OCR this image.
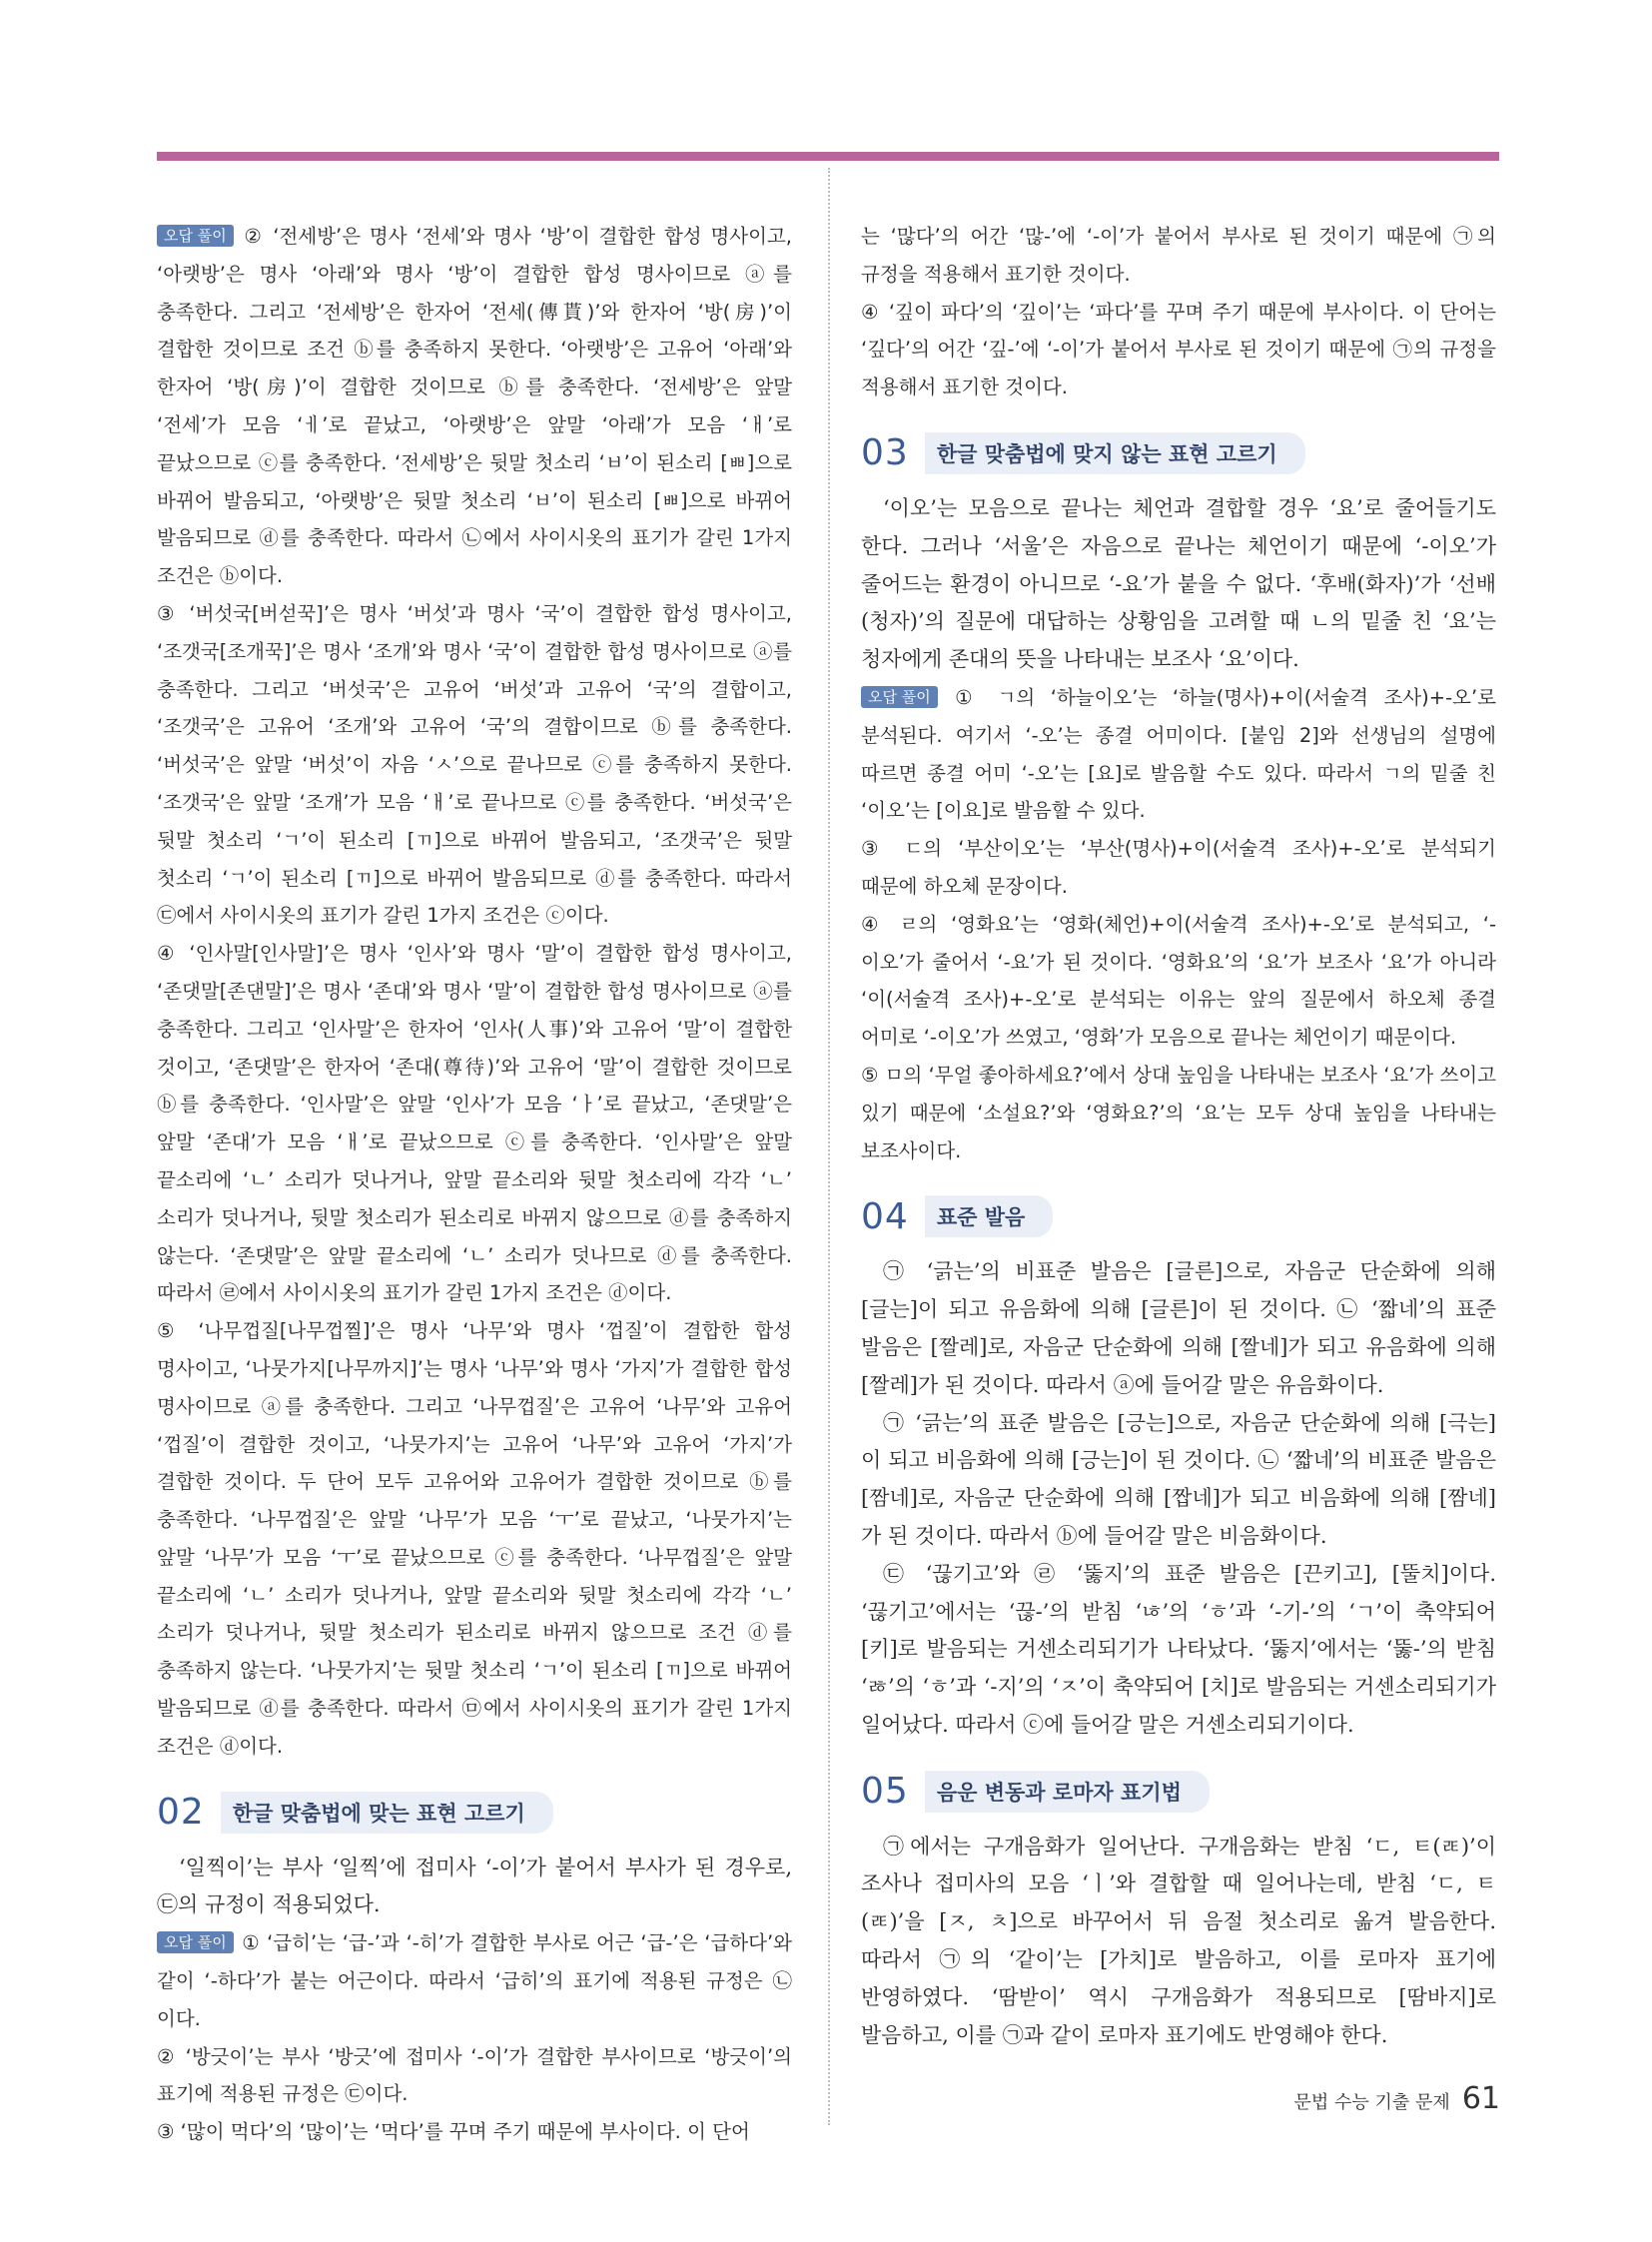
오답 풀이 ② ‘전세방’은 명사 ‘전세’와 명사 ‘방’이 결합한 합성 명사이고, ‘아랫방’은 명사 ‘아래’와 명사 ‘방’이 결합한 합성 명사이므로 ⓐ를 충족한다. 그리고 ‘전세방’은 한자어 ‘전세(傳貰)’와 한자어 ‘방(房)’이 결합한 것이므로 조건 ⓑ를 충족하지 못한다. ‘아랫방’은 고유어 ‘아래’와 한자어 ‘방(房)’이 결합한 것이므로 ⓑ를 충족한다. ‘전세방’은 앞말 ‘전세’가 모음 ‘ㅔ’로 끝났고, ‘아랫방’은 앞말 ‘아래’가 모음 ‘ㅐ’로 끝났으므로 ⓒ를 충족한다. ‘전세방’은 뒷말 첫소리 ‘ㅂ’이 된소리 [ㅃ]으로 바뀌어 발음되고, ‘아랫방’은 뒷말 첫소리 ‘ㅂ’이 된소리 [ㅃ]으로 바뀌어 발음되므로 ⓓ를 충족한다. 따라서 ㉡에서 사이시옷의 표기가 갈린 1가지 조건은 ⓑ이다.

③ ‘버섯국[버섣꾹]’은 명사 ‘버섯’과 명사 ‘국’이 결합한 합성 명사이고, ‘조갯국[조개꾹]’은 명사 ‘조개’와 명사 ‘국’이 결합한 합성 명사이므로 ⓐ를 충족한다. 그리고 ‘버섯국’은 고유어 ‘버섯’과 고유어 ‘국’의 결합이고, ‘조갯국’은 고유어 ‘조개’와 고유어 ‘국’의 결합이므로 ⓑ를 충족한다. ‘버섯국’은 앞말 ‘버섯’이 자음 ‘ㅅ’으로 끝나므로 ⓒ를 충족하지 못한다. ‘조갯국’은 앞말 ‘조개’가 모음 ‘ㅐ’로 끝나므로 ⓒ를 충족한다. ‘버섯국’은 뒷말 첫소리 ‘ㄱ’이 된소리 [ㄲ]으로 바뀌어 발음되고, ‘조갯국’은 뒷말 첫소리 ‘ㄱ’이 된소리 [ㄲ]으로 바뀌어 발음되므로 ⓓ를 충족한다. 따라서 ㉢에서 사이시옷의 표기가 갈린 1가지 조건은 ⓒ이다.

④ ‘인사말[인사말]’은 명사 ‘인사’와 명사 ‘말’이 결합한 합성 명사이고, ‘존댓말[존댄말]’은 명사 ‘존대’와 명사 ‘말’이 결합한 합성 명사이므로 ⓐ를 충족한다. 그리고 ‘인사말’은 한자어 ‘인사(人事)’와 고유어 ‘말’이 결합한 것이고, ‘존댓말’은 한자어 ‘존대(尊待)’와 고유어 ‘말’이 결합한 것이므로 ⓑ를 충족한다. ‘인사말’은 앞말 ‘인사’가 모음 ‘ㅏ’로 끝났고, ‘존댓말’은 앞말 ‘존대’가 모음 ‘ㅐ’로 끝났으므로 ⓒ를 충족한다. ‘인사말’은 앞말 끝소리에 ‘ㄴ’ 소리가 덧나거나, 앞말 끝소리와 뒷말 첫소리에 각각 ‘ㄴ’ 소리가 덧나거나, 뒷말 첫소리가 된소리로 바뀌지 않으므로 ⓓ를 충족하지 않는다. ‘존댓말’은 앞말 끝소리에 ‘ㄴ’ 소리가 덧나므로 ⓓ를 충족한다. 따라서 ㉣에서 사이시옷의 표기가 갈린 1가지 조건은 ⓓ이다.

⑤ ‘나무껍질[나무껍찔]’은 명사 ‘나무’와 명사 ‘껍질’이 결합한 합성 명사이고, ‘나뭇가지[나무까지]’는 명사 ‘나무’와 명사 ‘가지’가 결합한 합성 명사이므로 ⓐ를 충족한다. 그리고 ‘나무껍질’은 고유어 ‘나무’와 고유어 ‘껍질’이 결합한 것이고, ‘나뭇가지’는 고유어 ‘나무’와 고유어 ‘가지’가 결합한 것이다. 두 단어 모두 고유어와 고유어가 결합한 것이므로 ⓑ를 충족한다. ‘나무껍질’은 앞말 ‘나무’가 모음 ‘ㅜ’로 끝났고, ‘나뭇가지’는 앞말 ‘나무’가 모음 ‘ㅜ’로 끝났으므로 ⓒ를 충족한다. ‘나무껍질’은 앞말 끝소리에 ‘ㄴ’ 소리가 덧나거나, 앞말 끝소리와 뒷말 첫소리에 각각 ‘ㄴ’ 소리가 덧나거나, 뒷말 첫소리가 된소리로 바뀌지 않으므로 조건 ⓓ를 충족하지 않는다. ‘나뭇가지’는 뒷말 첫소리 ‘ㄱ’이 된소리 [ㄲ]으로 바뀌어 발음되므로 ⓓ를 충족한다. 따라서 ㉤에서 사이시옷의 표기가 갈린 1가지 조건은 ⓓ이다.

02	한글 맞춤법에 맞는 표현 고르기

‘일찍이’는 부사 ‘일찍’에 접미사 ‘-이’가 붙어서 부사가 된 경우로, ㉢의 규정이 적용되었다.

오답 풀이 ① ‘급히’는 ‘급-’과 ‘-히’가 결합한 부사로 어근 ‘급-’은 ‘급하다’와 같이 ‘-하다’가 붙는 어근이다. 따라서 ‘급히’의 표기에 적용된 규정은 ㉡이다.

② ‘방긋이’는 부사 ‘방긋’에 접미사 ‘-이’가 결합한 부사이므로 ‘방긋이’의 표기에 적용된 규정은 ㉢이다.

③ ‘많이 먹다’의 ‘많이’는 ‘먹다’를 꾸며 주기 때문에 부사이다. 이 단어

는 ‘많다’의 어간 ‘많-’에 ‘-이’가 붙어서 부사로 된 것이기 때문에 ㉠의 규정을 적용해서 표기한 것이다.

④ ‘깊이 파다’의 ‘깊이’는 ‘파다’를 꾸며 주기 때문에 부사이다. 이 단어는 ‘깊다’의 어간 ‘깊-’에 ‘-이’가 붙어서 부사로 된 것이기 때문에 ㉠의 규정을 적용해서 표기한 것이다.

03	한글 맞춤법에 맞지 않는 표현 고르기

‘이오’는 모음으로 끝나는 체언과 결합할 경우 ‘요’로 줄어들기도 한다. 그러나 ‘서울’은 자음으로 끝나는 체언이기 때문에 ‘-이오’가 줄어드는 환경이 아니므로 ‘-요’가 붙을 수 없다. ‘후배(화자)’가 ‘선배(청자)’의 질문에 대답하는 상황임을 고려할 때 ㄴ의 밑줄 친 ‘요’는 청자에게 존대의 뜻을 나타내는 보조사 ‘요’이다.

오답 풀이 ① ㄱ의 ‘하늘이오’는 ‘하늘(명사)+이(서술격 조사)+-오’로 분석된다. 여기서 ‘-오’는 종결 어미이다. [붙임 2]와 선생님의 설명에 따르면 종결 어미 ‘-오’는 [요]로 발음할 수도 있다. 따라서 ㄱ의 밑줄 친 ‘이오’는 [이요]로 발음할 수 있다.

③ ㄷ의 ‘부산이오’는 ‘부산(명사)+이(서술격 조사)+-오’로 분석되기 때문에 하오체 문장이다.

④ ㄹ의 ‘영화요’는 ‘영화(체언)+이(서술격 조사)+-오’로 분석되고, ‘-이오’가 줄어서 ‘-요’가 된 것이다. ‘영화요’의 ‘요’가 보조사 ‘요’가 아니라 ‘이(서술격 조사)+-오’로 분석되는 이유는 앞의 질문에서 하오체 종결 어미로 ‘-이오’가 쓰였고, ‘영화’가 모음으로 끝나는 체언이기 때문이다.

⑤ ㅁ의 ‘무얼 좋아하세요?’에서 상대 높임을 나타내는 보조사 ‘요’가 쓰이고 있기 때문에 ‘소설요?’와 ‘영화요?’의 ‘요’는 모두 상대 높임을 나타내는 보조사이다.

04	표준 발음

㉠ ‘긁는’의 비표준 발음은 [글른]으로, 자음군 단순화에 의해 [글는]이 되고 유음화에 의해 [글른]이 된 것이다. ㉡ ‘짧네’의 표준 발음은 [짤레]로, 자음군 단순화에 의해 [짤네]가 되고 유음화에 의해 [짤레]가 된 것이다. 따라서 ⓐ에 들어갈 말은 유음화이다.

㉠ ‘긁는’의 표준 발음은 [긍는]으로, 자음군 단순화에 의해 [극는]이 되고 비음화에 의해 [긍는]이 된 것이다. ㉡ ‘짧네’의 비표준 발음은 [짬네]로, 자음군 단순화에 의해 [짭네]가 되고 비음화에 의해 [짬네]가 된 것이다. 따라서 ⓑ에 들어갈 말은 비음화이다.

㉢ ‘끊기고’와 ㉣ ‘뚫지’의 표준 발음은 [끈키고], [뚤치]이다. ‘끊기고’에서는 ‘끊-’의 받침 ‘ㄶ’의 ‘ㅎ’과 ‘-기-’의 ‘ㄱ’이 축약되어 [키]로 발음되는 거센소리되기가 나타났다. ‘뚫지’에서는 ‘뚫-’의 받침 ‘ㅀ’의 ‘ㅎ’과 ‘-지’의 ‘ㅈ’이 축약되어 [치]로 발음되는 거센소리되기가 일어났다. 따라서 ⓒ에 들어갈 말은 거센소리되기이다.

05	음운 변동과 로마자 표기법

㉠에서는 구개음화가 일어난다. 구개음화는 받침 ‘ㄷ, ㅌ(ㄾ)’이 조사나 접미사의 모음 ‘ㅣ’와 결합할 때 일어나는데, 받침 ‘ㄷ, ㅌ(ㄾ)’을 [ㅈ, ㅊ]으로 바꾸어서 뒤 음절 첫소리로 옮겨 발음한다. 따라서 ㉠의 ‘같이’는 [가치]로 발음하고, 이를 로마자 표기에 반영하였다. ‘땀받이’ 역시 구개음화가 적용되므로 [땀바지]로 발음하고, 이를 ㉠과 같이 로마자 표기에도 반영해야 한다.

문법 수능 기출 문제 61
